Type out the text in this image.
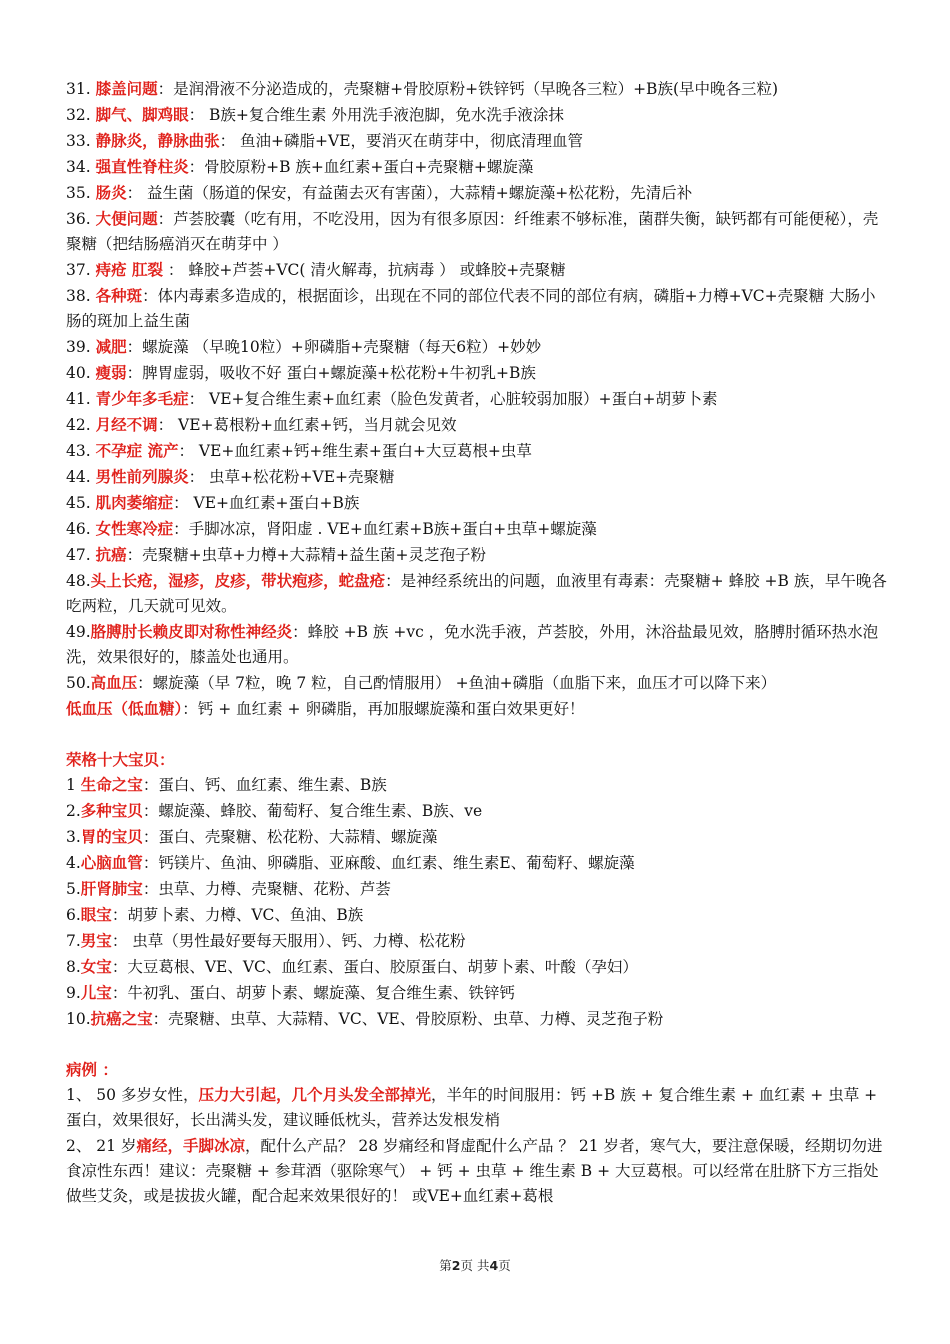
31. 膝盖问题：是润滑液不分泌造成的，壳聚糖+骨胶原粉+铁锌钙（早晚各三粒）+B族(早中晚各三粒)

32. 脚气、脚鸡眼： B族+复合维生素 外用洗手液泡脚，免水洗手液涂抹

33. 静脉炎，静脉曲张： 鱼油+磷脂+VE，要消灭在萌芽中，彻底清理血管

34. 强直性脊柱炎：骨胶原粉+B 族+血红素+蛋白+壳聚糖+螺旋藻

35. 肠炎： 益生菌（肠道的保安，有益菌去灭有害菌），大蒜精+螺旋藻+松花粉，先清后补

36. 大便问题：芦荟胶囊（吃有用，不吃没用，因为有很多原因：纤维素不够标准，菌群失衡，缺钙都有可能便秘），壳聚糖（把结肠癌消灭在萌芽中 ）

37. 痔疮 肛裂 ： 蜂胶+芦荟+VC( 清火解毒，抗病毒 ） 或蜂胶+壳聚糖

38. 各种斑：体内毒素多造成的，根据面诊，出现在不同的部位代表不同的部位有病，磷脂+力樽+VC+壳聚糖 大肠小肠的斑加上益生菌

39. 减肥：螺旋藻 （早晚10粒）+卵磷脂+壳聚糖（每天6粒）+妙妙

40. 瘦弱：脾胃虚弱，吸收不好 蛋白+螺旋藻+松花粉+牛初乳+B族

41. 青少年多毛症： VE+复合维生素+血红素（脸色发黄者，心脏较弱加服）+蛋白+胡萝卜素

42. 月经不调： VE+葛根粉+血红素+钙，当月就会见效

43. 不孕症 流产： VE+血红素+钙+维生素+蛋白+大豆葛根+虫草

44. 男性前列腺炎： 虫草+松花粉+VE+壳聚糖

45. 肌肉萎缩症： VE+血红素+蛋白+B族

46. 女性寒冷症：手脚冰凉，肾阳虚 . VE+血红素+B族+蛋白+虫草+螺旋藻

47. 抗癌：壳聚糖+虫草+力樽+大蒜精+益生菌+灵芝孢子粉

48.头上长疮，湿疹，皮疹，带状疱疹，蛇盘疮：是神经系统出的问题，血液里有毒素：壳聚糖+ 蜂胶 +B 族，早午晚各吃两粒，几天就可见效。

49.胳膊肘长赖皮即对称性神经炎：蜂胶 +B 族 +vc ，免水洗手液，芦荟胶，外用，沐浴盐最见效，胳膊肘循环热水泡洗，效果很好的，膝盖处也通用。

50.高血压：螺旋藻（早 7粒，晚 7 粒，自己酌情服用） +鱼油+磷脂（血脂下来，血压才可以降下来）

低血压（低血糖）：钙 + 血红素 + 卵磷脂，再加服螺旋藻和蛋白效果更好！

荣格十大宝贝：

1 生命之宝：蛋白、钙、血红素、维生素、B族

2.多种宝贝：螺旋藻、蜂胶、葡萄籽、复合维生素、B族、ve

3.胃的宝贝：蛋白、壳聚糖、松花粉、大蒜精、螺旋藻

4.心脑血管：钙镁片、鱼油、卵磷脂、亚麻酸、血红素、维生素E、葡萄籽、螺旋藻

5.肝肾肺宝：虫草、力樽、壳聚糖、花粉、芦荟

6.眼宝：胡萝卜素、力樽、VC、鱼油、B族

7.男宝： 虫草（男性最好要每天服用）、钙、力樽、松花粉

8.女宝：大豆葛根、VE、VC、血红素、蛋白、胶原蛋白、胡萝卜素、叶酸（孕妇）

9.儿宝：牛初乳、蛋白、胡萝卜素、螺旋藻、复合维生素、铁锌钙

10.抗癌之宝：壳聚糖、虫草、大蒜精、VC、VE、骨胶原粉、虫草、力樽、灵芝孢子粉

病例 ：

1、 50 多岁女性，压力大引起，几个月头发全部掉光，半年的时间服用：钙 +B 族 + 复合维生素 + 血红素 + 虫草 + 蛋白，效果很好，长出满头发，建议睡低枕头，营养达发根发梢

2、 21 岁痛经，手脚冰凉，配什么产品？ 28 岁痛经和肾虚配什么产品 ？ 21 岁者，寒气大，要注意保暖，经期切勿进食凉性东西！建议：壳聚糖 + 参茸酒（驱除寒气） + 钙 + 虫草 + 维生素 B + 大豆葛根。可以经常在肚脐下方三指处做些艾灸，或是拔拔火罐，配合起来效果很好的！ 或VE+血红素+葛根

第2页 共4页
